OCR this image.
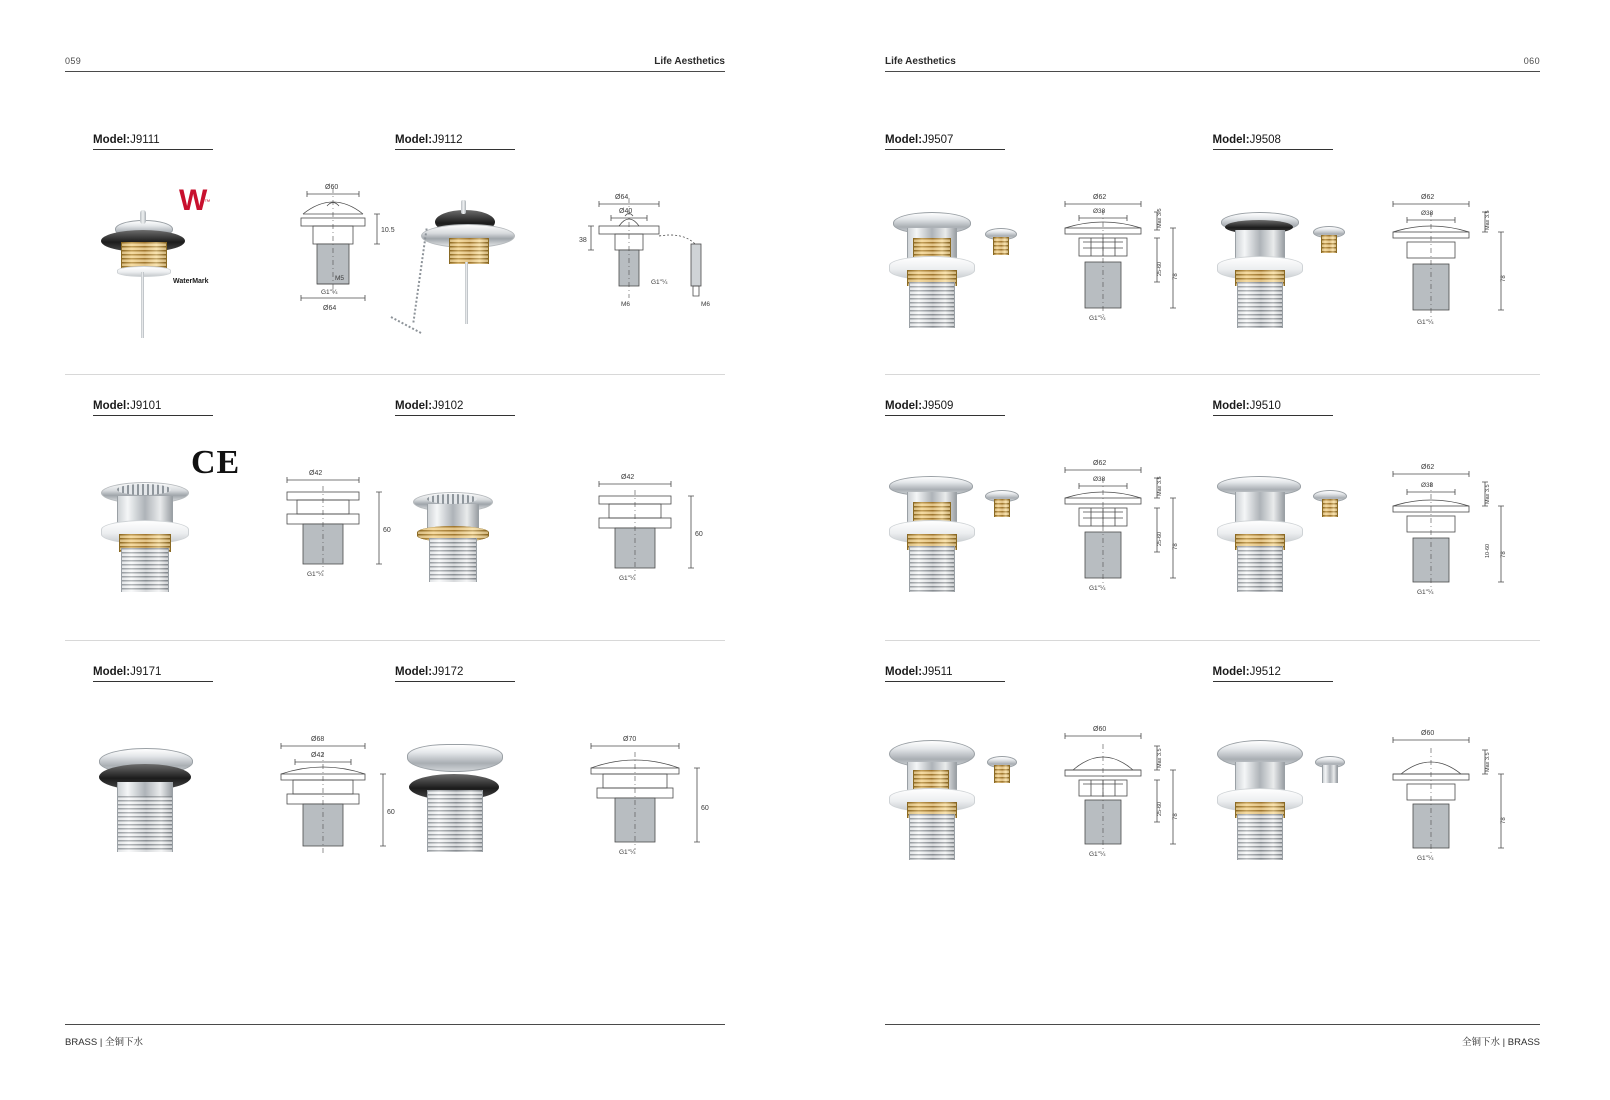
059	Life Aesthetics
Model:J9111
W™
WaterMark
Ø60
10.5
M5
G1"¼
Ø64
Model:J9112
Ø64
Ø40
38
G1"¼
M6	M6
Model:J9101
CE	Ø42
60
G1"¼
Model:J9102
Ø42
60
G1"¼
Model:J9171
Ø68
Ø42
60
Model:J9172
Ø70
60
G1"¼
BRASS | 全铜下水
Life Aesthetics	060
Model:J9507
Ø62
Ø38	Max 3.5
25-60
78
G1"¼
Model:J9508
Ø62
Ø38	Max 3.5
78
G1"¼
Model:J9509
Ø62
Ø38	Max 3.5
25-60
78
G1"¼
Model:J9510
Ø62
Ø38	Max 3.5
10-60 78
G1"¼
Model:J9511
Ø60
Max 3.5
25-60
78
G1"¼
Model:J9512
Ø60
Max 3.5
78
G1"¼
全铜下水 | BRASS
